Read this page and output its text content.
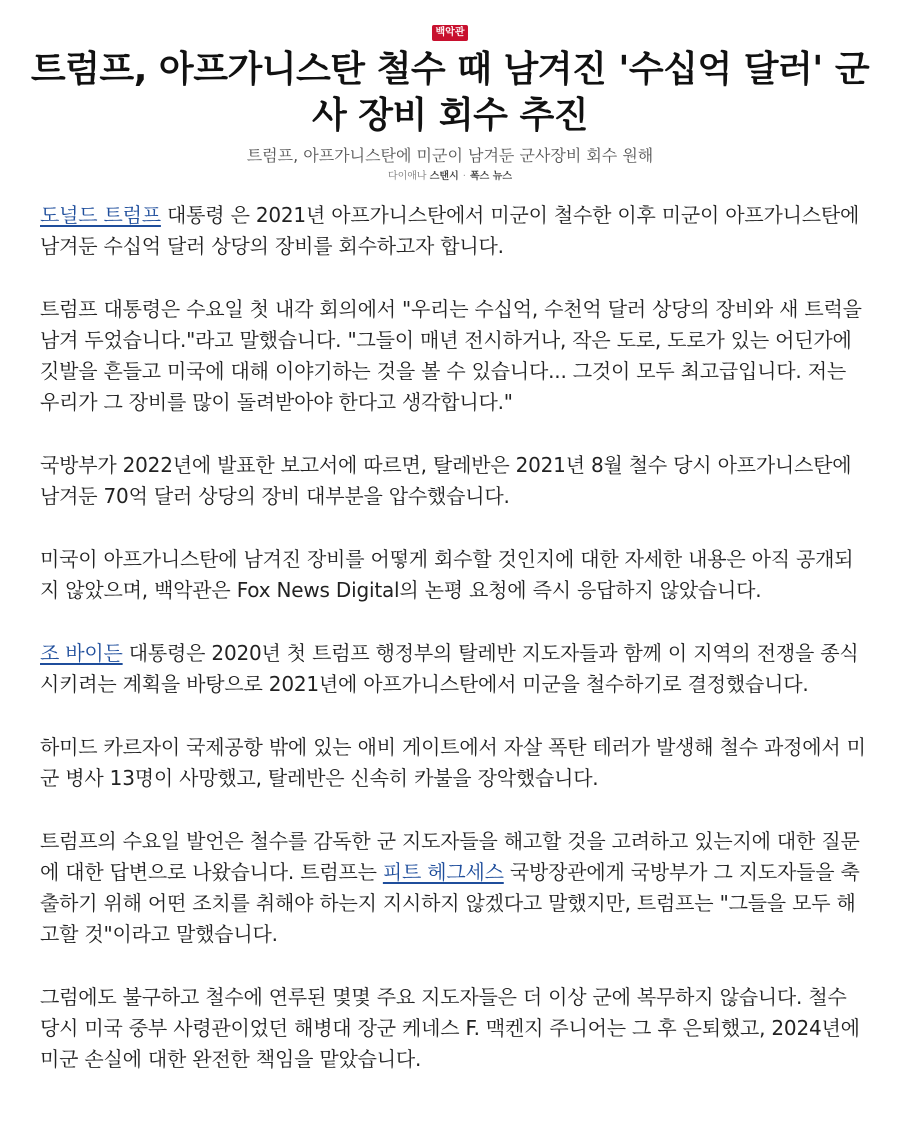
백악관
트럼프, 아프가니스탄 철수 때 남겨진 '수십억 달러' 군사 장비 회수 추진
트럼프, 아프가니스탄에 미군이 남겨둔 군사장비 회수 원해
다이애나 스탠시 · 폭스 뉴스

도널드 트럼프 대통령 은 2021년 아프가니스탄에서 미군이 철수한 이후 미군이 아프가니스탄에 남겨둔 수십억 달러 상당의 장비를 회수하고자 합니다.

트럼프 대통령은 수요일 첫 내각 회의에서 "우리는 수십억, 수천억 달러 상당의 장비와 새 트럭을 남겨 두었습니다."라고 말했습니다. "그들이 매년 전시하거나, 작은 도로, 도로가 있는 어딘가에 깃발을 흔들고 미국에 대해 이야기하는 것을 볼 수 있습니다... 그것이 모두 최고급입니다. 저는 우리가 그 장비를 많이 돌려받아야 한다고 생각합니다."

국방부가 2022년에 발표한 보고서에 따르면, 탈레반은 2021년 8월 철수 당시 아프가니스탄에 남겨둔 70억 달러 상당의 장비 대부분을 압수했습니다.

미국이 아프가니스탄에 남겨진 장비를 어떻게 회수할 것인지에 대한 자세한 내용은 아직 공개되지 않았으며, 백악관은 Fox News Digital의 논평 요청에 즉시 응답하지 않았습니다.

조 바이든 대통령은 2020년 첫 트럼프 행정부의 탈레반 지도자들과 함께 이 지역의 전쟁을 종식시키려는 계획을 바탕으로 2021년에 아프가니스탄에서 미군을 철수하기로 결정했습니다.

하미드 카르자이 국제공항 밖에 있는 애비 게이트에서 자살 폭탄 테러가 발생해 철수 과정에서 미군 병사 13명이 사망했고, 탈레반은 신속히 카불을 장악했습니다.

트럼프의 수요일 발언은 철수를 감독한 군 지도자들을 해고할 것을 고려하고 있는지에 대한 질문에 대한 답변으로 나왔습니다. 트럼프는 피트 헤그세스 국방장관에게 국방부가 그 지도자들을 축출하기 위해 어떤 조치를 취해야 하는지 지시하지 않겠다고 말했지만, 트럼프는 "그들을 모두 해고할 것"이라고 말했습니다.

그럼에도 불구하고 철수에 연루된 몇몇 주요 지도자들은 더 이상 군에 복무하지 않습니다. 철수 당시 미국 중부 사령관이었던 해병대 장군 케네스 F. 맥켄지 주니어는 그 후 은퇴했고, 2024년에 미군 손실에 대한 완전한 책임을 맡았습니다.
